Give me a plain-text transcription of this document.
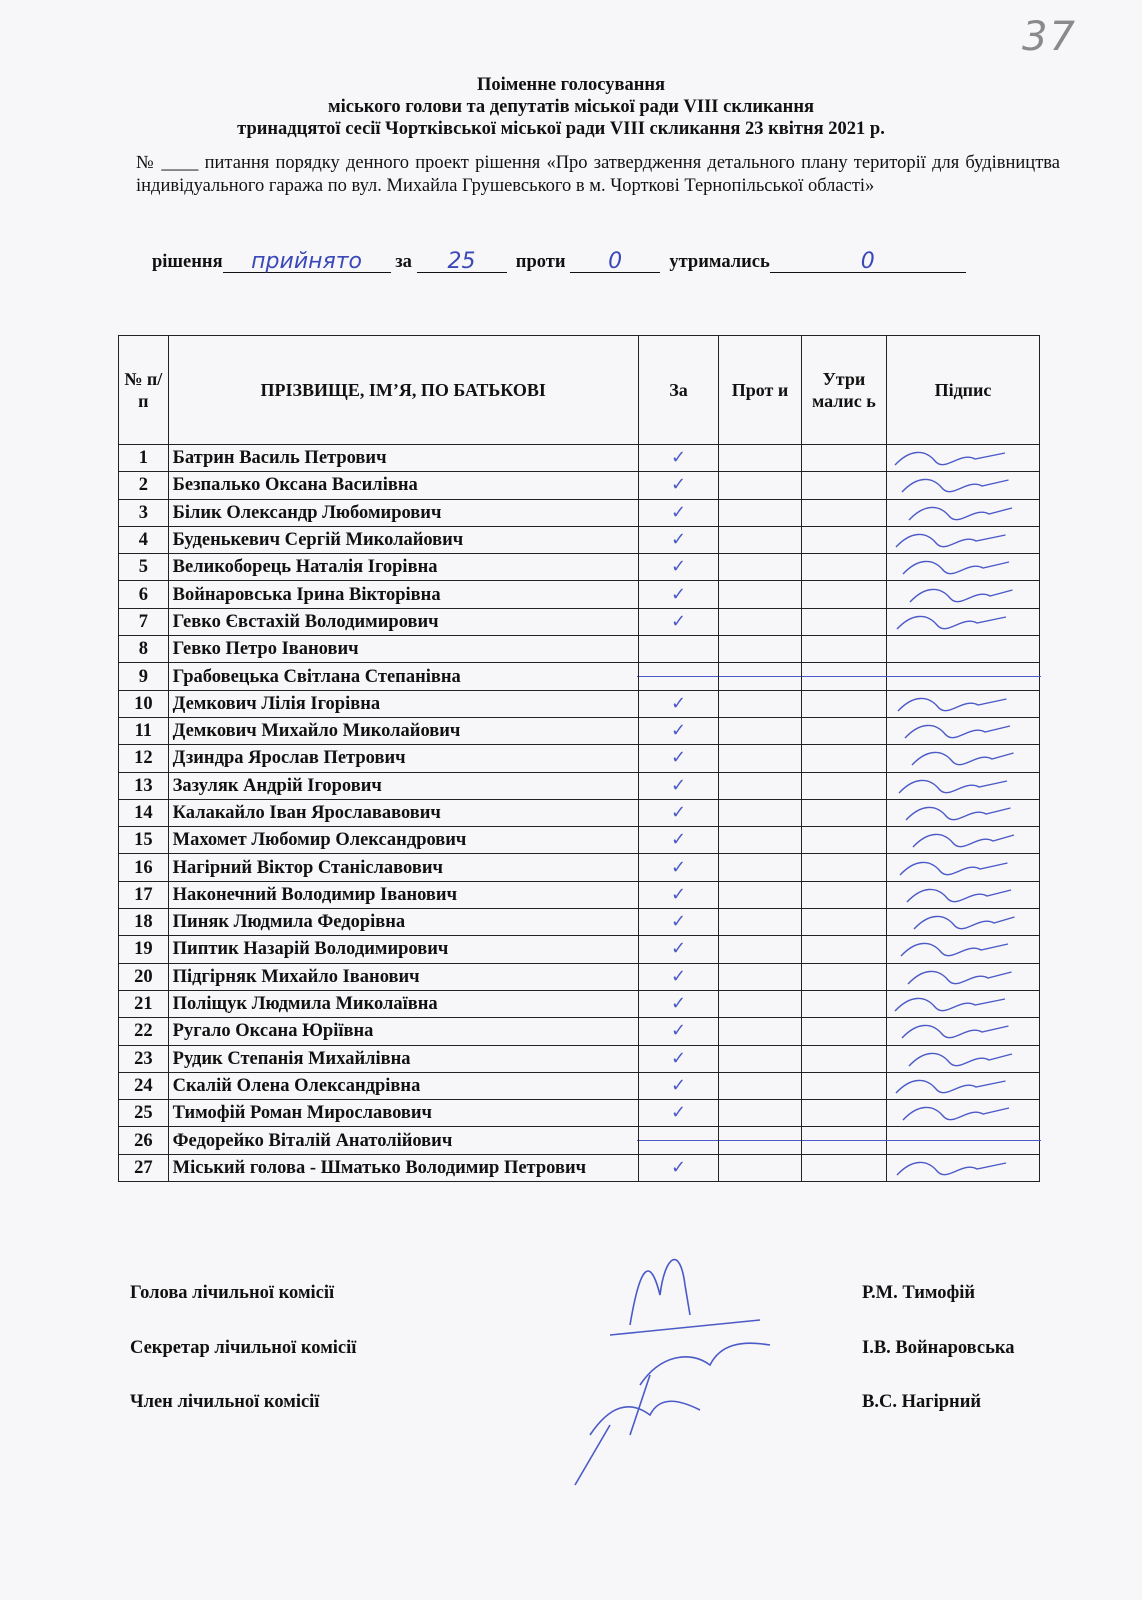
37
Поіменне голосування
міського голови та депутатів міської ради VIII скликання
тринадцятої сесії Чортківської міської ради VIII скликання 23 квітня 2021 р.
№ ____ питання порядку денного проект рішення «Про затвердження детального плану території для будівництва індивідуального гаража по вул. Михайла Грушевського в м. Чорткові Тернопільської області»
рішення прийнято за 25 проти 0	утримались	0
№ п/п	ПРІЗВИЩЕ, ІМ’Я, ПО БАТЬКОВІ	За	Прот и	Утри малис ь	Підпис
1	Батрин Василь Петрович	✓			

2	Безпалько Оксана Василівна	✓			

3	Білик Олександр Любомирович	✓			

4	Буденькевич Сергій Миколайович	✓			

5	Великоборець Наталія Ігорівна	✓			

6	Войнаровська Ірина Вікторівна	✓			

7	Гевко Євстахій Володимирович	✓			

8	Гевко Петро Іванович				
9	Грабовецька Світлана Степанівна	

10	Демкович Лілія Ігорівна	✓			

11	Демкович Михайло Миколайович	✓			

12	Дзиндра Ярослав Петрович	✓			

13	Зазуляк Андрій Ігорович	✓			

14	Калакайло Іван Ярослававович	✓			

15	Махомет Любомир Олександрович	✓			

16	Нагірний Віктор Станіславович	✓			

17	Наконечний Володимир Іванович	✓			

18	Пиняк Людмила Федорівна	✓			

19	Пиптик Назарій Володимирович	✓			

20	Підгірняк Михайло Іванович	✓			

21	Поліщук Людмила Миколаївна	✓			

22	Ругало Оксана Юріївна	✓			

23	Рудик Степанія Михайлівна	✓			

24	Скалій Олена Олександрівна	✓			

25	Тимофій Роман Мирославович	✓			

26	Федорейко Віталій Анатолійович	

27	Міський голова - Шматько Володимир Петрович	✓			
Голова лічильної комісії	Р.М. Тимофій
Секретар лічильної комісії	І.В. Войнаровська
Член лічильної комісії	В.С. Нагірний
